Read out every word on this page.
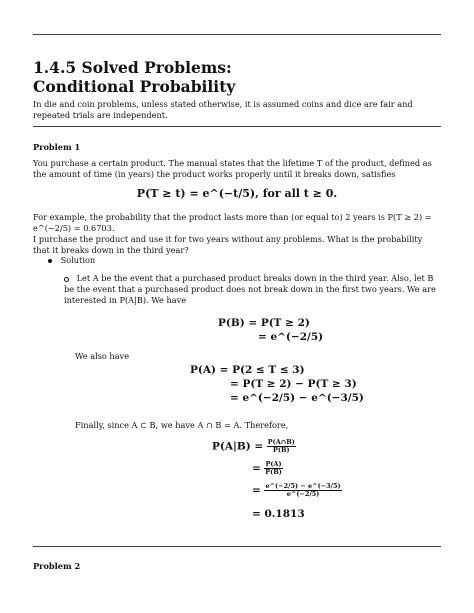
1.4.5 Solved Problems:
Conditional Probability
In die and coin problems, unless stated otherwise, it is assumed coins and dice are fair and repeated trials are independent.
Problem 1
You purchase a certain product. The manual states that the lifetime T of the product, defined as the amount of time (in years) the product works properly until it breaks down, satisfies
P(T ≥ t) = e^(−t/5), for all t ≥ 0.
For example, the probability that the product lasts more than (or equal to) 2 years is P(T ≥ 2) = e^(−2/5) = 0.6703.
I purchase the product and use it for two years without any problems. What is the probability that it breaks down in the third year?
Solution
Let A be the event that a purchased product breaks down in the third year. Also, let B be the event that a purchased product does not break down in the first two years. We are interested in P(A|B). We have
P(B) = P(T ≥ 2)
= e^(−2/5)
We also have
P(A) = P(2 ≤ T ≤ 3)
= P(T ≥ 2) − P(T ≥ 3)
= e^(−2/5) − e^(−3/5)
Finally, since A ⊂ B, we have A ∩ B = A. Therefore,
$P(A|B) = \frac{P(A\cap B)}{P(B)}$
= $\frac{P(A)}{P(B)}$
= $\frac{e\^{}(-2/5) - e\^{}(-3/5)}{e\^{}(-2/5)}$
= 0.1813
Problem 2
